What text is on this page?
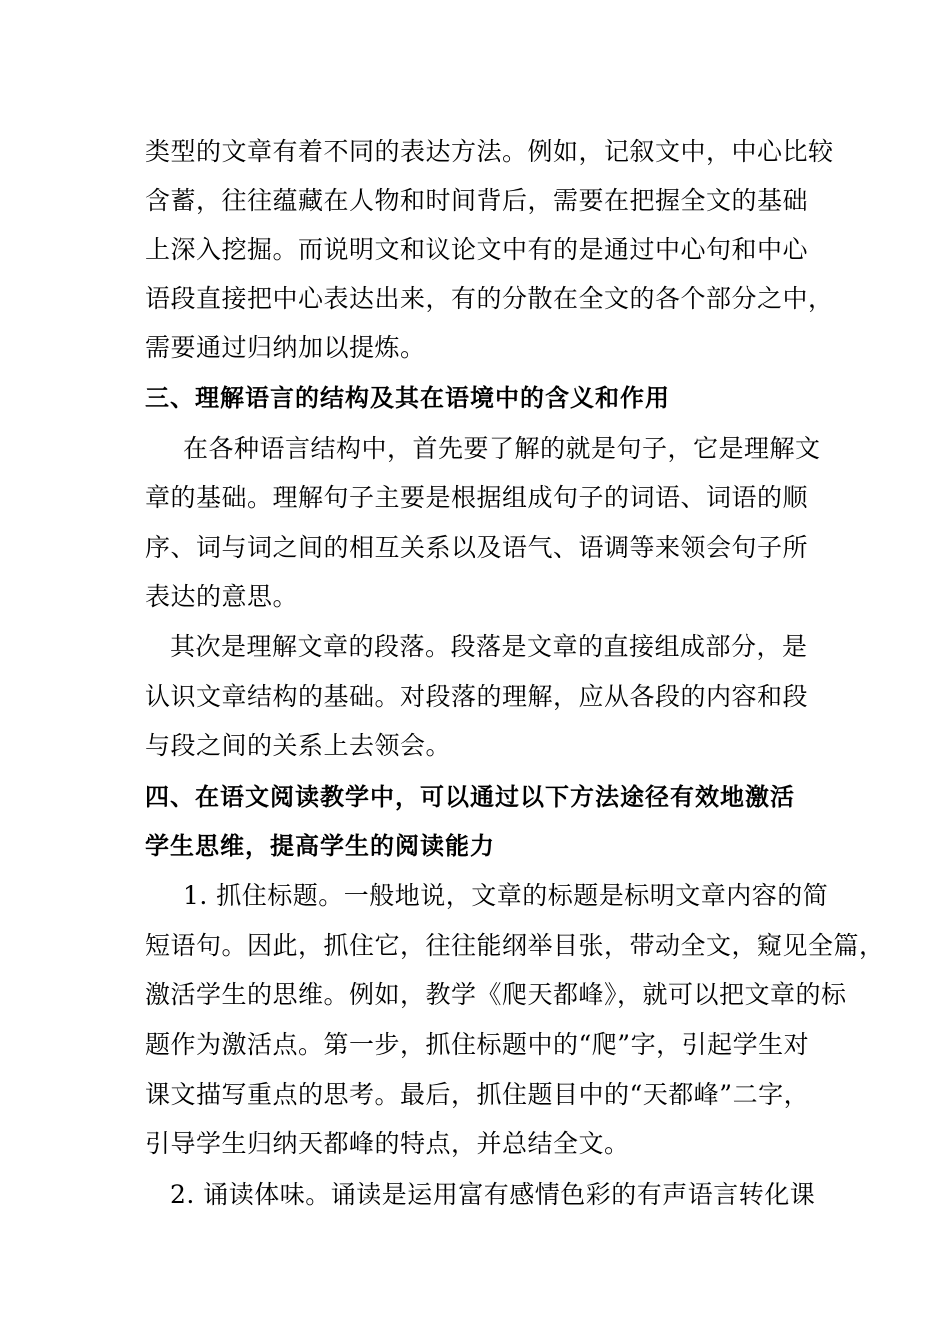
类型的文章有着不同的表达方法。例如，记叙文中，中心比较
含蓄，往往蕴藏在人物和时间背后，需要在把握全文的基础
上深入挖掘。而说明文和议论文中有的是通过中心句和中心
语段直接把中心表达出来，有的分散在全文的各个部分之中，
需要通过归纳加以提炼。
三、理解语言的结构及其在语境中的含义和作用
在各种语言结构中，首先要了解的就是句子，它是理解文
章的基础。理解句子主要是根据组成句子的词语、词语的顺
序、词与词之间的相互关系以及语气、语调等来领会句子所
表达的意思。
其次是理解文章的段落。段落是文章的直接组成部分，是
认识文章结构的基础。对段落的理解，应从各段的内容和段
与段之间的关系上去领会。
四、在语文阅读教学中，可以通过以下方法途径有效地激活
学生思维，提高学生的阅读能力
1. 抓住标题。一般地说，文章的标题是标明文章内容的简
短语句。因此，抓住它，往往能纲举目张，带动全文，窥见全篇，
激活学生的思维。例如，教学《爬天都峰》，就可以把文章的标
题作为激活点。第一步，抓住标题中的“爬”字，引起学生对
课文描写重点的思考。最后，抓住题目中的“天都峰”二字，
引导学生归纳天都峰的特点，并总结全文。
2. 诵读体味。诵读是运用富有感情色彩的有声语言转化课
